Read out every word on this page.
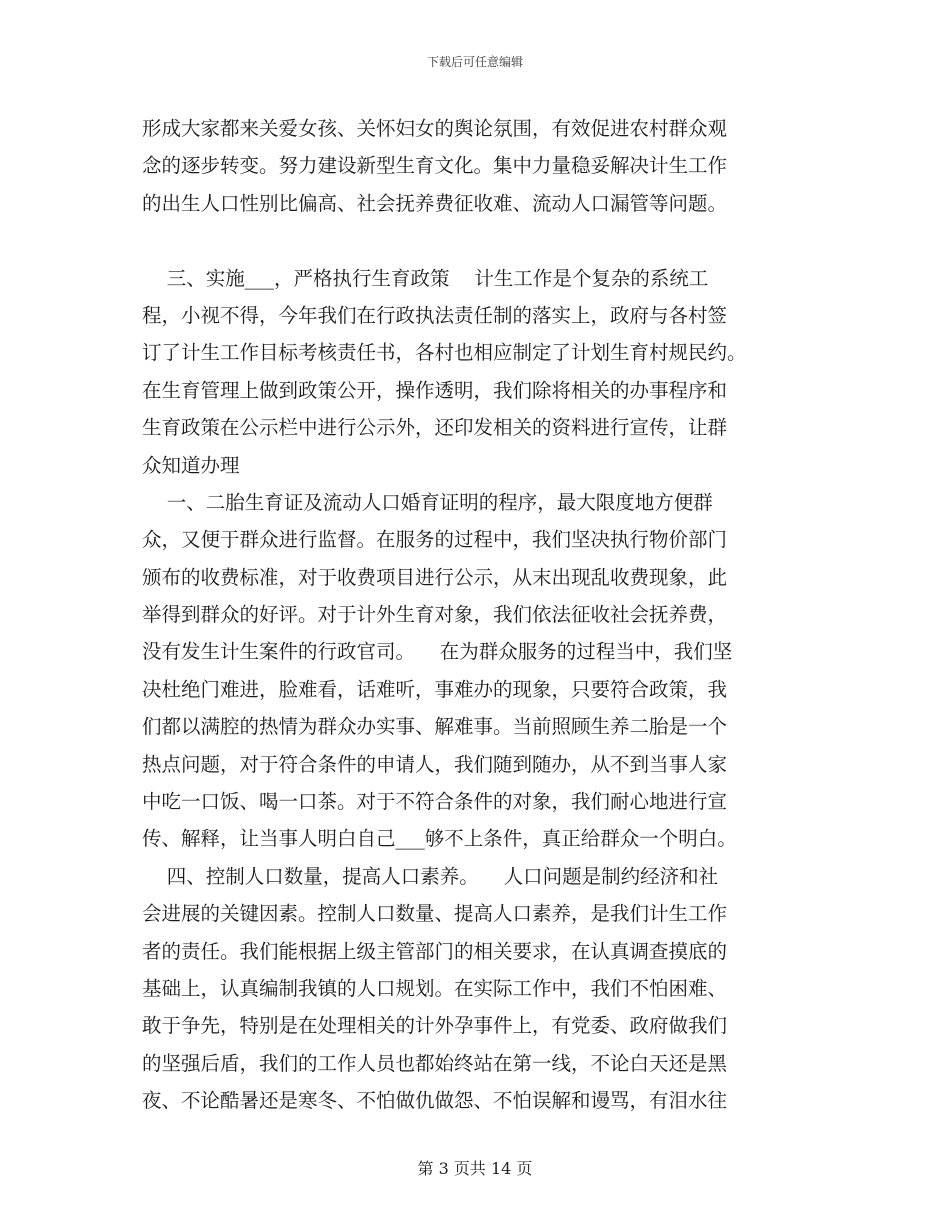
下载后可任意编辑
形成大家都来关爱女孩、关怀妇女的舆论氛围，有效促进农村群众观
念的逐步转变。努力建设新型生育文化。集中力量稳妥解决计生工作
的出生人口性别比偏高、社会抚养费征收难、流动人口漏管等问题。
三、实施___，严格执行生育政策    计生工作是个复杂的系统工
程，小视不得，今年我们在行政执法责任制的落实上，政府与各村签
订了计生工作目标考核责任书，各村也相应制定了计划生育村规民约。
在生育管理上做到政策公开，操作透明，我们除将相关的办事程序和
生育政策在公示栏中进行公示外，还印发相关的资料进行宣传，让群
众知道办理
一、二胎生育证及流动人口婚育证明的程序，最大限度地方便群
众，又便于群众进行监督。在服务的过程中，我们坚决执行物价部门
颁布的收费标准，对于收费项目进行公示，从末出现乱收费现象，此
举得到群众的好评。对于计外生育对象，我们依法征收社会抚养费，
没有发生计生案件的行政官司。    在为群众服务的过程当中，我们坚
决杜绝门难进，脸难看，话难听，事难办的现象，只要符合政策，我
们都以满腔的热情为群众办实事、解难事。当前照顾生养二胎是一个
热点问题，对于符合条件的申请人，我们随到随办，从不到当事人家
中吃一口饭、喝一口茶。对于不符合条件的对象，我们耐心地进行宣
传、解释，让当事人明白自己___够不上条件，真正给群众一个明白。
四、控制人口数量，提高人口素养。    人口问题是制约经济和社
会进展的关键因素。控制人口数量、提高人口素养，是我们计生工作
者的责任。我们能根据上级主管部门的相关要求，在认真调查摸底的
基础上，认真编制我镇的人口规划。在实际工作中，我们不怕困难、
敢于争先，特别是在处理相关的计外孕事件上，有党委、政府做我们
的坚强后盾，我们的工作人员也都始终站在第一线，不论白天还是黑
夜、不论酷暑还是寒冬、不怕做仇做怨、不怕误解和谩骂，有泪水往
第 3 页共 14 页
